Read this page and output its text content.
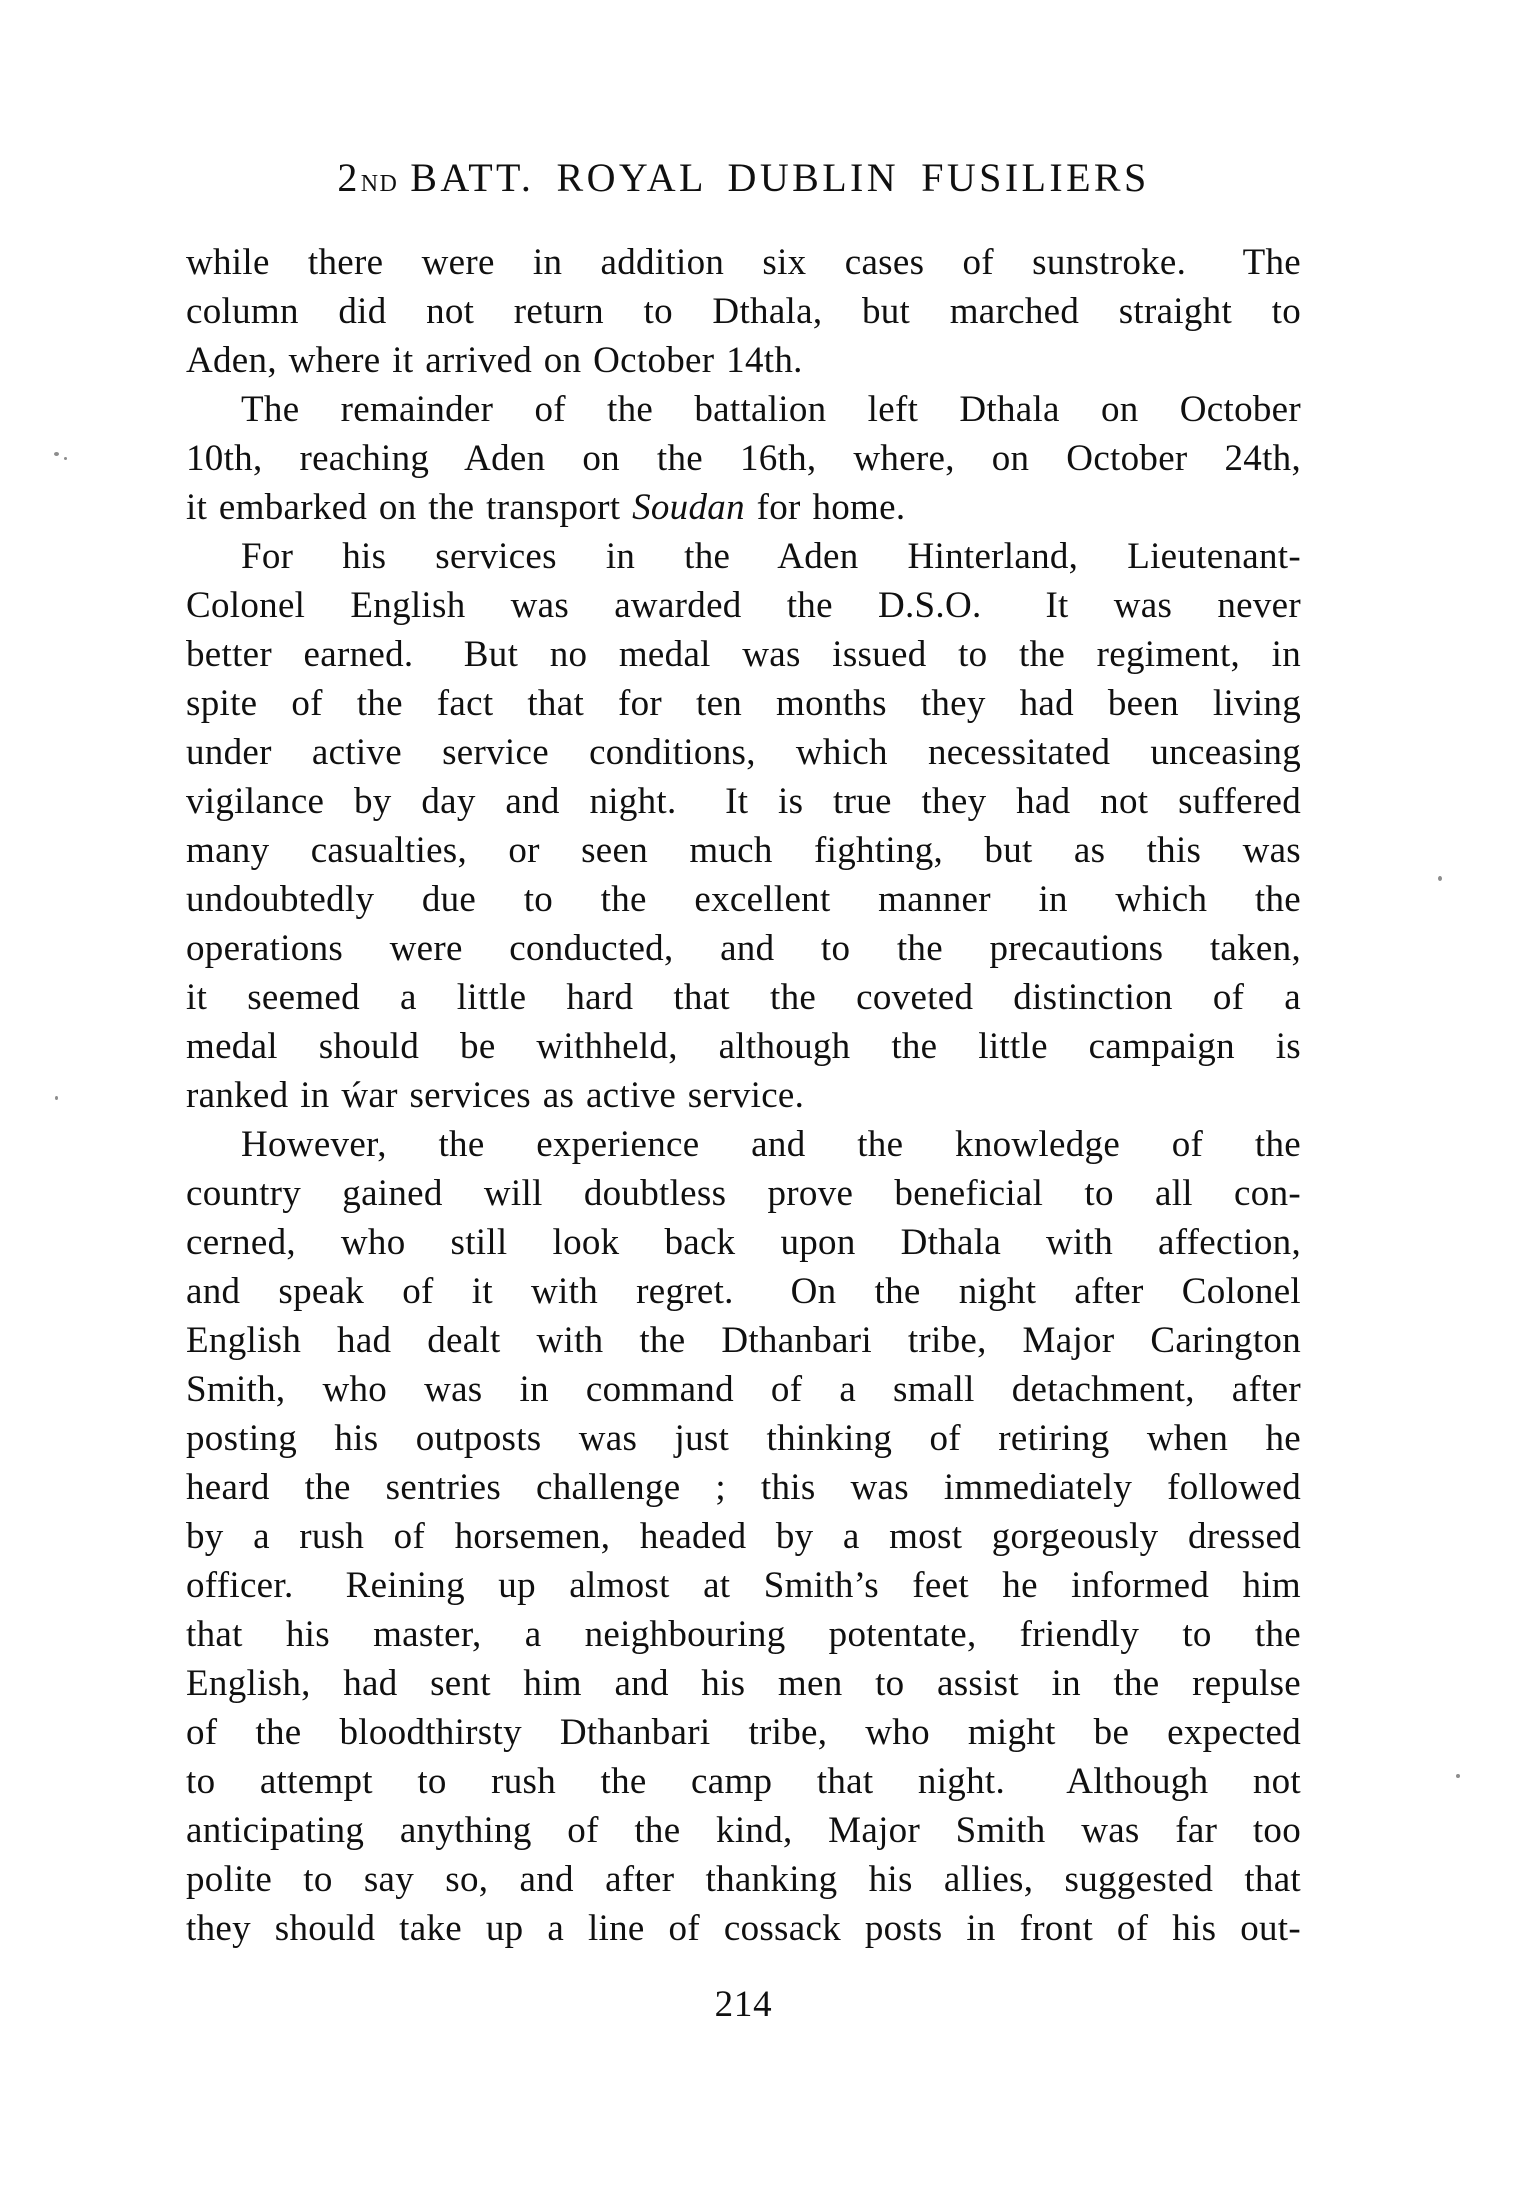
2ND BATT. ROYAL DUBLIN FUSILIERS
while there were in addition six cases of sunstroke.  The
column did not return to Dthala, but marched straight to
Aden, where it arrived on October 14th.
The remainder of the battalion left Dthala on October
10th, reaching Aden on the 16th, where, on October 24th,
it embarked on the transport Soudan for home.
For his services in the Aden Hinterland, Lieutenant-
Colonel English was awarded the D.S.O.  It was never
better earned.  But no medal was issued to the regiment, in
spite of the fact that for ten months they had been living
under active service conditions, which necessitated unceasing
vigilance by day and night.  It is true they had not suffered
many casualties, or seen much fighting, but as this was
undoubtedly due to the excellent manner in which the
operations were conducted, and to the precautions taken,
it seemed a little hard that the coveted distinction of a
medal should be withheld, although the little campaign is
ranked in ẃar services as active service.
However, the experience and the knowledge of the
country gained will doubtless prove beneficial to all con-
cerned, who still look back upon Dthala with affection,
and speak of it with regret.  On the night after Colonel
English had dealt with the Dthanbari tribe, Major Carington
Smith, who was in command of a small detachment, after
posting his outposts was just thinking of retiring when he
heard the sentries challenge ; this was immediately followed
by a rush of horsemen, headed by a most gorgeously dressed
officer.  Reining up almost at Smith’s feet he informed him
that his master, a neighbouring potentate, friendly to the
English, had sent him and his men to assist in the repulse
of the bloodthirsty Dthanbari tribe, who might be expected
to attempt to rush the camp that night.  Although not
anticipating anything of the kind, Major Smith was far too
polite to say so, and after thanking his allies, suggested that
they should take up a line of cossack posts in front of his out-
214
